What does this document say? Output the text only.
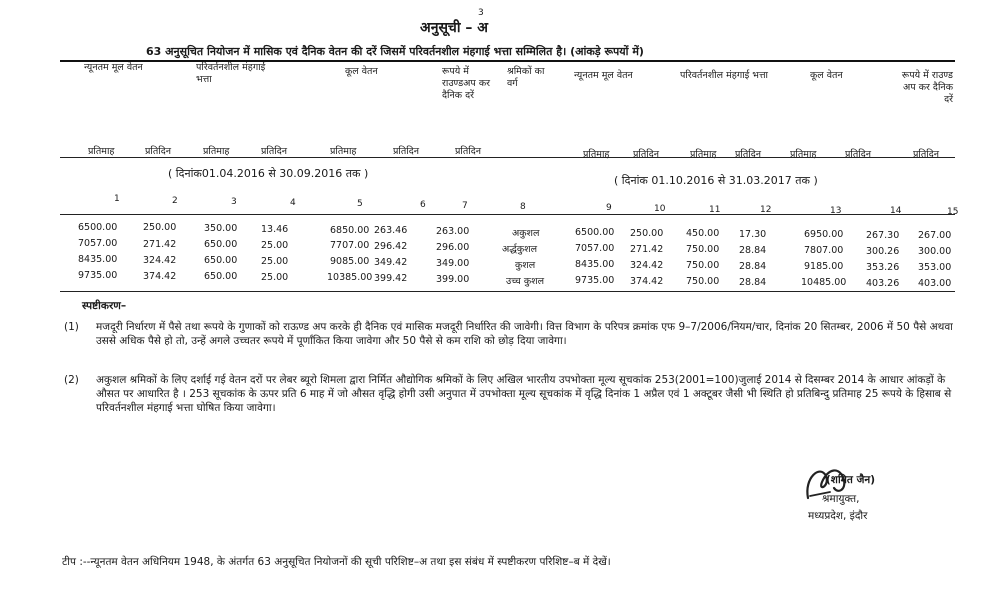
3
अनुसूची – अ
63 अनुसूचित नियोजन में मासिक एवं दैनिक वेतन की दरें जिसमें परिवर्तनशील मंहगाई भत्ता सम्मिलित है। (आंकड़े रूपयों में)
न्यूनतम मूल वेतन	परिवर्तनशील मंहगाई भत्ता
कूल वेतन	रूपये में राउण्डअप कर दैनिक दरें
श्रमिकों का वर्ग
न्यूनतम मूल वेतन	परिवर्तनशील मंहगाई भत्ता	कूल वेतन	रूपये में राउण्ड अप कर दैनिक दरें
प्रतिमाह	प्रतिदिन	प्रतिमाह	प्रतिदिन	प्रतिमाह	प्रतिदिन	प्रतिदिन	प्रतिमाह प्रतिदिन	प्रतिमाह प्रतिदिन	प्रतिमाह	प्रतिदिन	प्रतिदिन
( दिनांक01.04.2016 से 30.09.2016 तक )
( दिनांक 01.10.2016 से 31.03.2017 तक )
1	2	3	4	5	6	7	8	9	10	11	12	13	14	15
6500.00	250.00	350.00	13.46	6850.00 263.46	263.00	अकुशल	6500.00 250.00 450.00 17.30	6950.00 267.30 267.00
7057.00	271.42	650.00	25.00	7707.00 296.42	296.00	अर्द्धकुशल	7057.00 271.42 750.00 28.84	7807.00 300.26 300.00
8435.00	324.42	650.00	25.00	9085.00 349.42	349.00	कुशल	8435.00 324.42 750.00 28.84	9185.00 353.26 353.00
9735.00	374.42	650.00	25.00	10385.00 399.42	399.00	उच्च कुशल	9735.00 374.42 750.00 28.84	10485.00 403.26 403.00
स्पष्टीकरण–
(1) मजदूरी निर्धारण में पैसे तथा रूपये के गुणाकों को राऊण्ड अप करके ही दैनिक एवं मासिक मजदूरी निर्धारित की जावेगी। वित्त विभाग के परिपत्र क्रमांक एफ 9–7/2006/नियम/चार, दिनांक 20 सितम्बर, 2006 में 50 पैसे अथवा उससे अधिक पैसे हो तो, उन्हें अगले उच्चतर रूपये में पूर्णांकित किया जावेगा और 50 पैसे से कम राशि को छोड़ दिया जावेगा।
(2) अकुशल श्रमिकों के लिए दर्शाई गई वेतन दरों पर लेबर ब्यूरो शिमला द्वारा निर्मित औद्योगिक श्रमिकों के लिए अखिल भारतीय उपभोक्ता मूल्य सूचकांक 253(2001=100)जुलाई 2014 से दिसम्बर 2014 के आधार आंकड़ों के औसत पर आधारित है । 253 सूचकांक के ऊपर प्रति 6 माह में जो औसत वृद्धि होगी उसी अनुपात में उपभोक्ता मूल्य सूचकांक में वृद्धि दिनांक 1 अप्रैल एवं 1 अक्टूबर जैसी भी स्थिति हो प्रतिबिन्दु प्रतिमाह 25 रूपये के हिसाब से परिवर्तनशील मंहगाई भत्ता घोषित किया जावेगा।
(शमित जैन)
श्रमायुक्त,
मध्यप्रदेश, इंदौर
टीप :--न्यूनतम वेतन अधिनियम 1948, के अंतर्गत 63 अनुसूचित नियोजनों की सूची परिशिष्ट–अ तथा इस संबंध में स्पष्टीकरण परिशिष्ट–ब में देखें।
